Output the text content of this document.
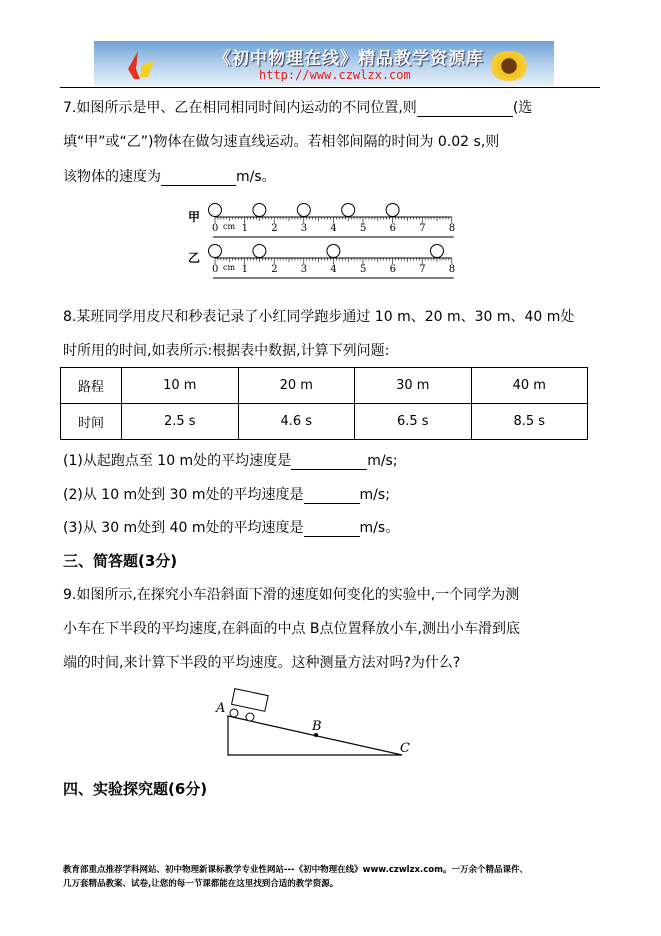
《初中物理在线》精品教学资源库
http://www.czwlzx.com
7.如图所示是甲、乙在相同相同时间内运动的不同位置,则	(选
填“甲”或“乙”)物体在做匀速直线运动。若相邻间隔的时间为 0.02 s,则
该物体的速度为	m/s。
甲
0 1 2 3 4 5 6 7 8
cm
乙
0 1 2 3 4 5 6 7 8
cm
8.某班同学用皮尺和秒表记录了小红同学跑步通过 10 m、20 m、30 m、40 m处
时所用的时间,如表所示:根据表中数据,计算下列问题:
路程	10 m	20 m	30 m	40 m
时间	2.5 s	4.6 s	6.5 s	8.5 s
(1)从起跑点至 10 m处的平均速度是	m/s;
(2)从 10 m处到 30 m处的平均速度是	m/s;
(3)从 30 m处到 40 m处的平均速度是	m/s。
三、简答题(3分)
9.如图所示,在探究小车沿斜面下滑的速度如何变化的实验中,一个同学为测
小车在下半段的平均速度,在斜面的中点 B点位置释放小车,测出小车滑到底
端的时间,来计算下半段的平均速度。这种测量方法对吗?为什么?
A
B
C
四、实验探究题(6分)
教育部重点推荐学科网站、初中物理新课标教学专业性网站---《初中物理在线》www.czwlzx.com。一万余个精品课件、
几万套精品教案、试卷,让您的每一节课都能在这里找到合适的教学资源。
